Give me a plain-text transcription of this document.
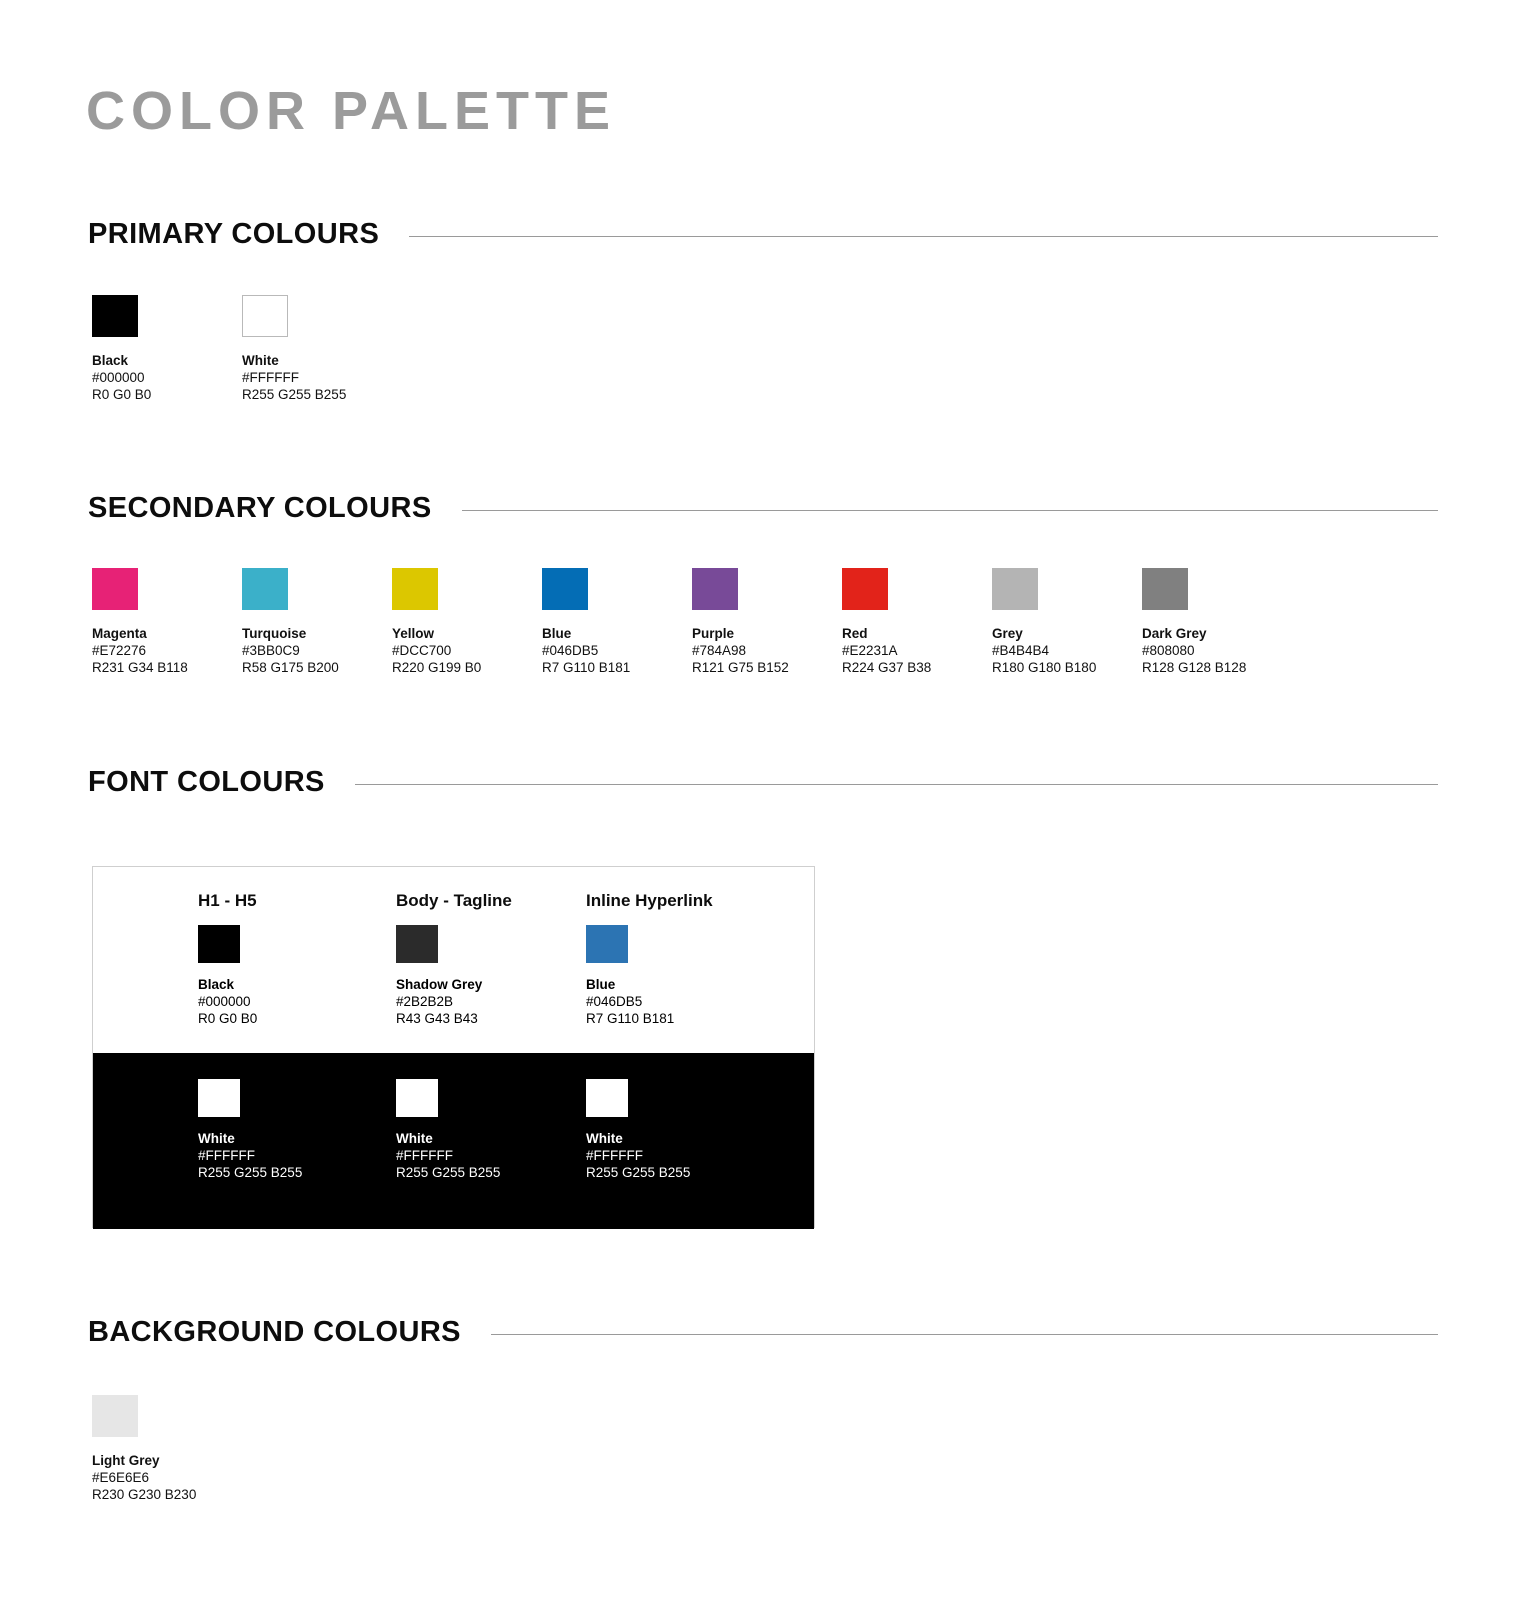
COLOR PALETTE
PRIMARY COLOURS
Black
#000000
R0 G0 B0
White
#FFFFFF
R255 G255 B255
SECONDARY COLOURS
Magenta
#E72276
R231 G34 B118
Turquoise
#3BB0C9
R58 G175 B200
Yellow
#DCC700
R220 G199 B0
Blue
#046DB5
R7 G110 B181
Purple
#784A98
R121 G75 B152
Red
#E2231A
R224 G37 B38
Grey
#B4B4B4
R180 G180 B180
Dark Grey
#808080
R128 G128 B128
FONT COLOURS
H1 - H5
Black
#000000
R0 G0 B0
Body - Tagline
Shadow Grey
#2B2B2B
R43 G43 B43
Inline Hyperlink
Blue
#046DB5
R7 G110 B181
White
#FFFFFF
R255 G255 B255
White
#FFFFFF
R255 G255 B255
White
#FFFFFF
R255 G255 B255
BACKGROUND COLOURS
Light Grey
#E6E6E6
R230 G230 B230
